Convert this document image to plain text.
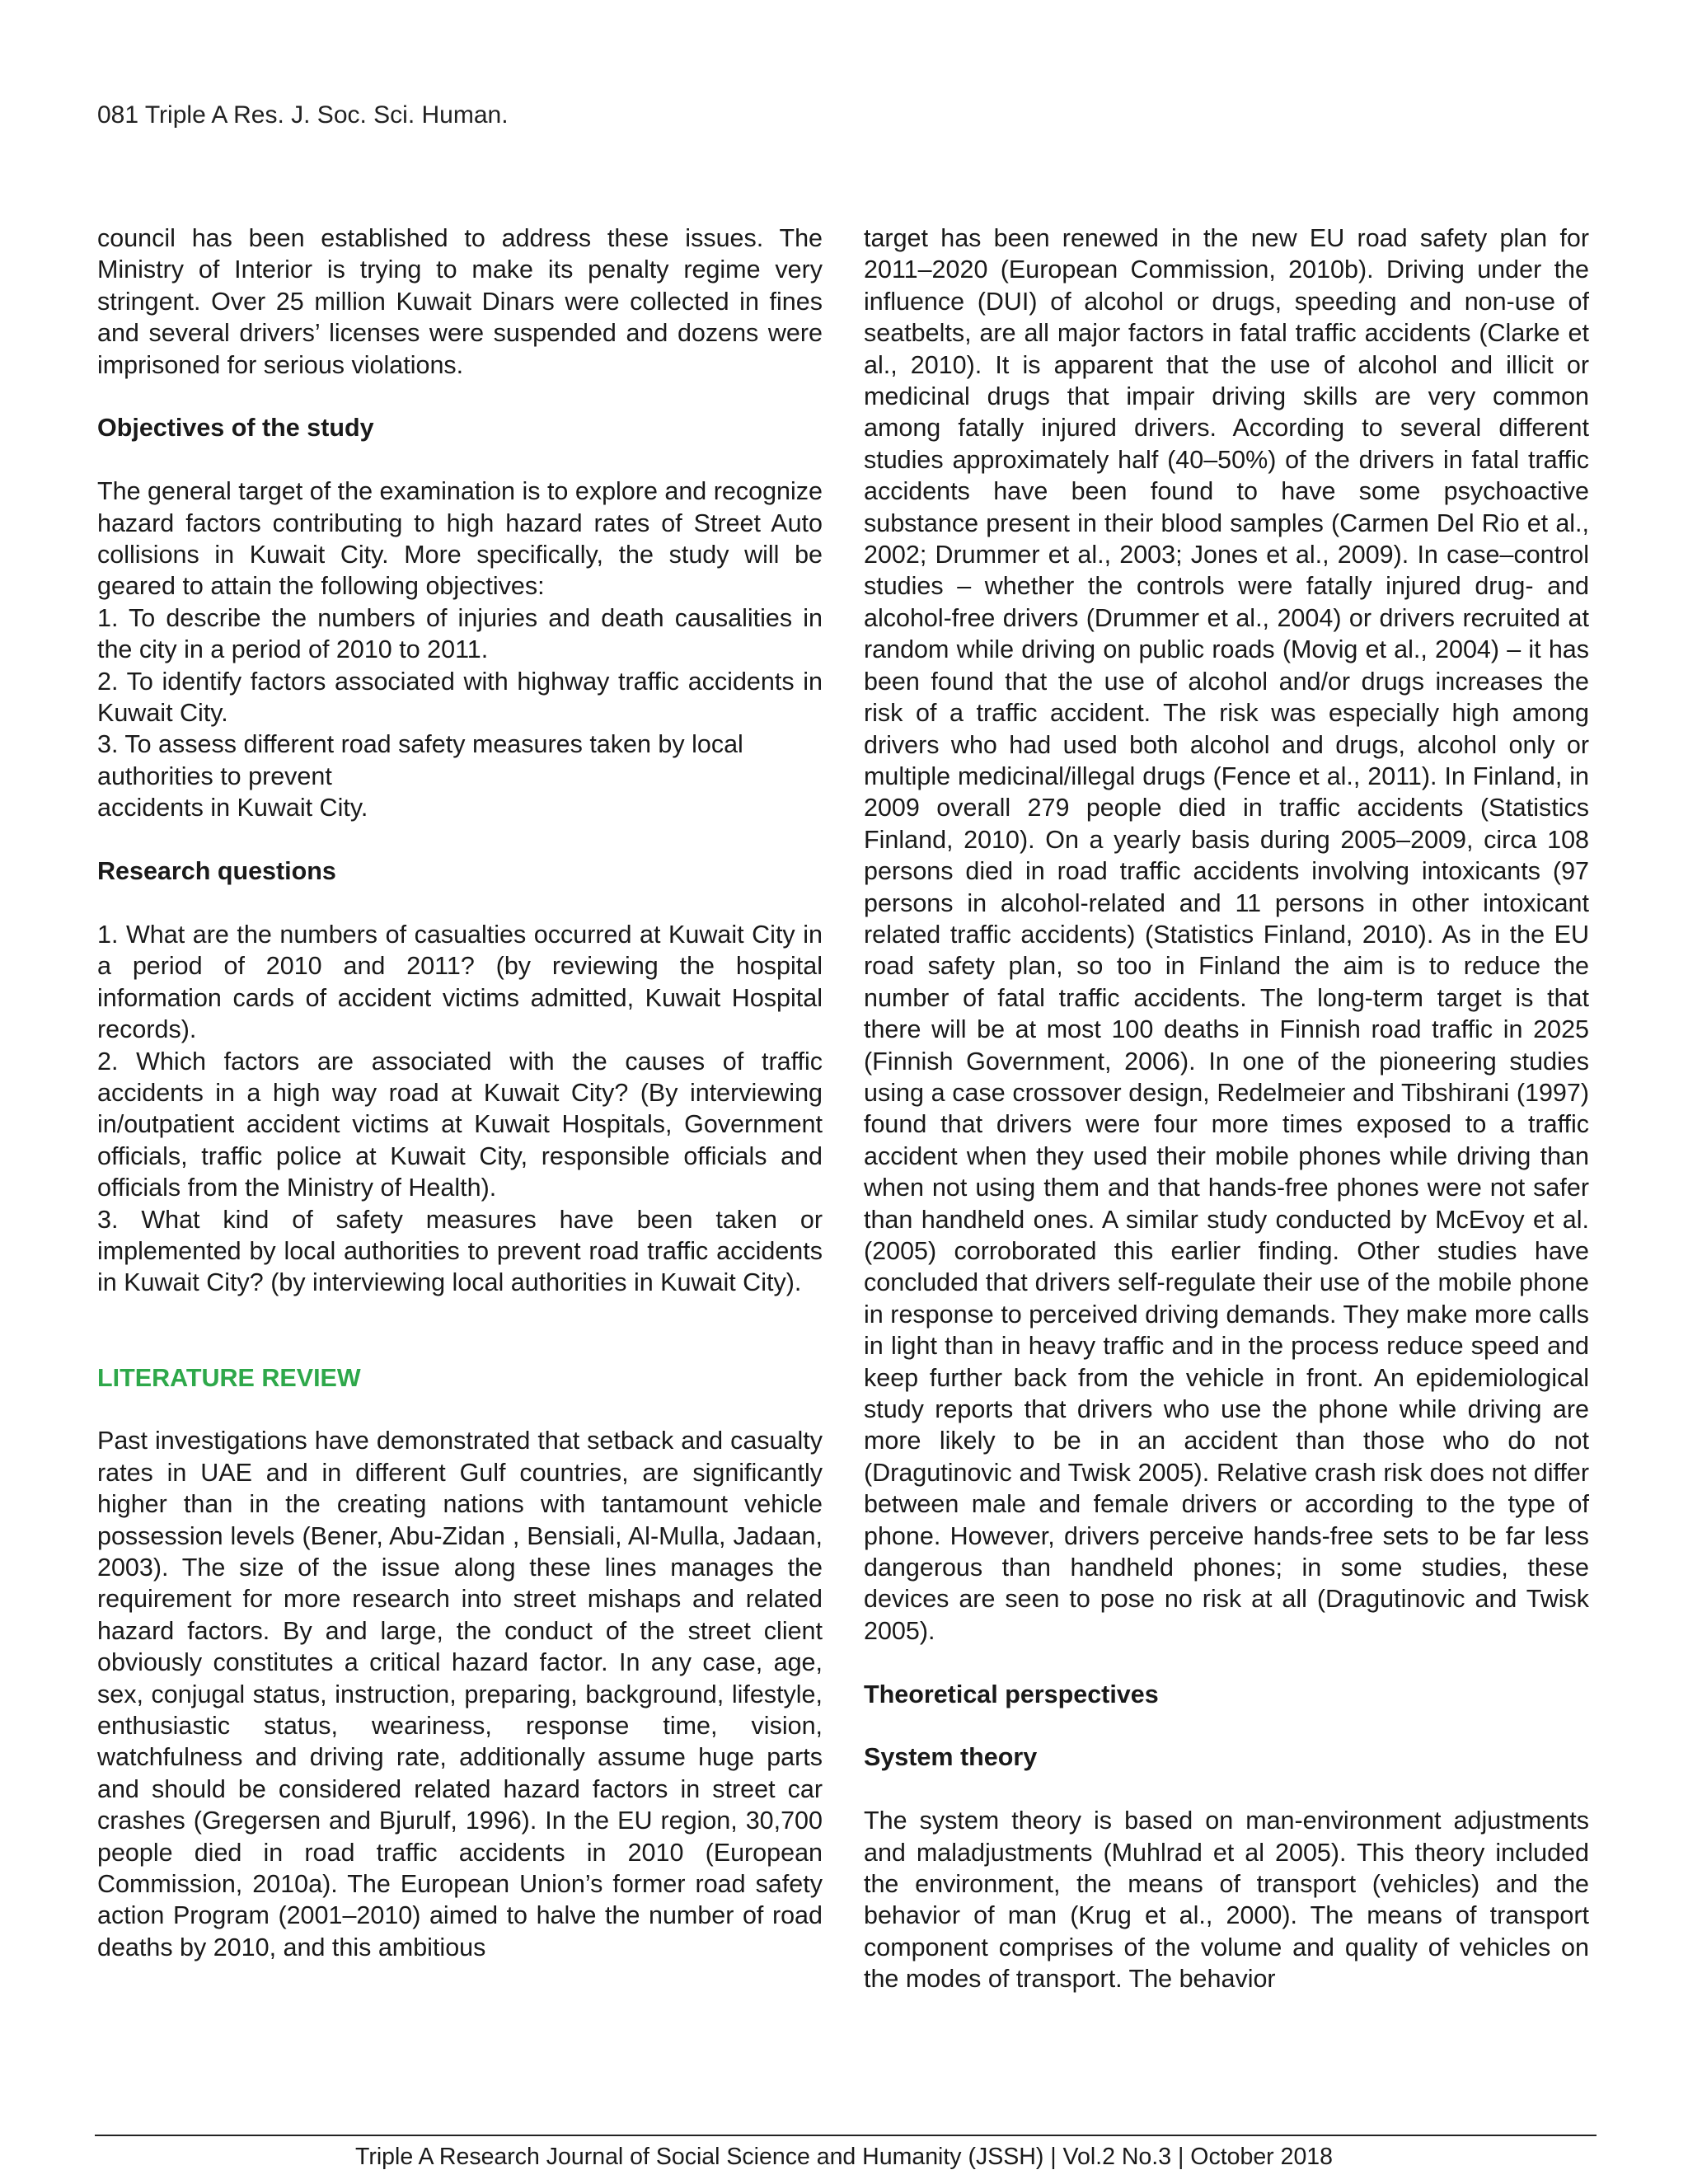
081 Triple A Res. J. Soc. Sci. Human.

council has been established to address these issues. The Ministry of Interior is trying to make its penalty regime very stringent. Over 25 million Kuwait Dinars were collected in fines and several drivers’ licenses were suspended and dozens were imprisoned for serious violations.

Objectives of the study

The general target of the examination is to explore and recognize hazard factors contributing to high hazard rates of Street Auto collisions in Kuwait City. More specifically, the study will be geared to attain the following objectives:

1. To describe the numbers of injuries and death causalities in the city in a period of 2010 to 2011.

2. To identify factors associated with highway traffic accidents in Kuwait City.

3. To assess different road safety measures taken by local authorities to prevent

accidents in Kuwait City.

Research questions

1. What are the numbers of casualties occurred at Kuwait City in a period of 2010 and 2011? (by reviewing the hospital information cards of accident victims admitted, Kuwait Hospital records).

2. Which factors are associated with the causes of traffic accidents in a high way road at Kuwait City? (By interviewing in/outpatient accident victims at Kuwait Hospitals, Government officials, traffic police at Kuwait City, responsible officials and officials from the Ministry of Health).

3. What kind of safety measures have been taken or implemented by local authorities to prevent road traffic accidents in Kuwait City? (by interviewing local authorities in Kuwait City).

LITERATURE REVIEW

Past investigations have demonstrated that setback and casualty rates in UAE and in different Gulf countries, are significantly higher than in the creating nations with tantamount vehicle possession levels (Bener, Abu-Zidan , Bensiali, Al-Mulla, Jadaan, 2003). The size of the issue along these lines manages the requirement for more research into street mishaps and related hazard factors. By and large, the conduct of the street client obviously constitutes a critical hazard factor. In any case, age, sex, conjugal status, instruction, preparing, background, lifestyle, enthusiastic status, weariness, response time, vision, watchfulness and driving rate, additionally assume huge parts and should be considered related hazard factors in street car crashes (Gregersen and Bjurulf, 1996). In the EU region, 30,700 people died in road traffic accidents in 2010 (European Commission, 2010a). The European Union’s former road safety action Program (2001–2010) aimed to halve the number of road deaths by 2010, and this ambitious

target has been renewed in the new EU road safety plan for 2011–2020 (European Commission, 2010b). Driving under the influence (DUI) of alcohol or drugs, speeding and non-use of seatbelts, are all major factors in fatal traffic accidents (Clarke et al., 2010). It is apparent that the use of alcohol and illicit or medicinal drugs that impair driving skills are very common among fatally injured drivers. According to several different studies approximately half (40–50%) of the drivers in fatal traffic accidents have been found to have some psychoactive substance present in their blood samples (Carmen Del Rio et al., 2002; Drummer et al., 2003; Jones et al., 2009). In case–control studies – whether the controls were fatally injured drug- and alcohol-free drivers (Drummer et al., 2004) or drivers recruited at random while driving on public roads (Movig et al., 2004) – it has been found that the use of alcohol and/or drugs increases the risk of a traffic accident. The risk was especially high among drivers who had used both alcohol and drugs, alcohol only or multiple medicinal/illegal drugs (Fence et al., 2011). In Finland, in 2009 overall 279 people died in traffic accidents (Statistics Finland, 2010). On a yearly basis during 2005–2009, circa 108 persons died in road traffic accidents involving intoxicants (97 persons in alcohol-related and 11 persons in other intoxicant related traffic accidents) (Statistics Finland, 2010). As in the EU road safety plan, so too in Finland the aim is to reduce the number of fatal traffic accidents. The long-term target is that there will be at most 100 deaths in Finnish road traffic in 2025 (Finnish Government, 2006). In one of the pioneering studies using a case crossover design, Redelmeier and Tibshirani (1997) found that drivers were four more times exposed to a traffic accident when they used their mobile phones while driving than when not using them and that hands-free phones were not safer than handheld ones. A similar study conducted by McEvoy et al. (2005) corroborated this earlier finding. Other studies have concluded that drivers self-regulate their use of the mobile phone in response to perceived driving demands. They make more calls in light than in heavy traffic and in the process reduce speed and keep further back from the vehicle in front. An epidemiological study reports that drivers who use the phone while driving are more likely to be in an accident than those who do not (Dragutinovic and Twisk 2005). Relative crash risk does not differ between male and female drivers or according to the type of phone. However, drivers perceive hands-free sets to be far less dangerous than handheld phones; in some studies, these devices are seen to pose no risk at all (Dragutinovic and Twisk 2005).

Theoretical perspectives
System theory

The system theory is based on man-environment adjustments and maladjustments (Muhlrad et al 2005). This theory included the environment, the means of transport (vehicles) and the behavior of man (Krug et al., 2000). The means of transport component comprises of the volume and quality of vehicles on the modes of transport. The behavior

Triple A Research Journal of Social Science and Humanity (JSSH) | Vol.2 No.3 | October 2018
